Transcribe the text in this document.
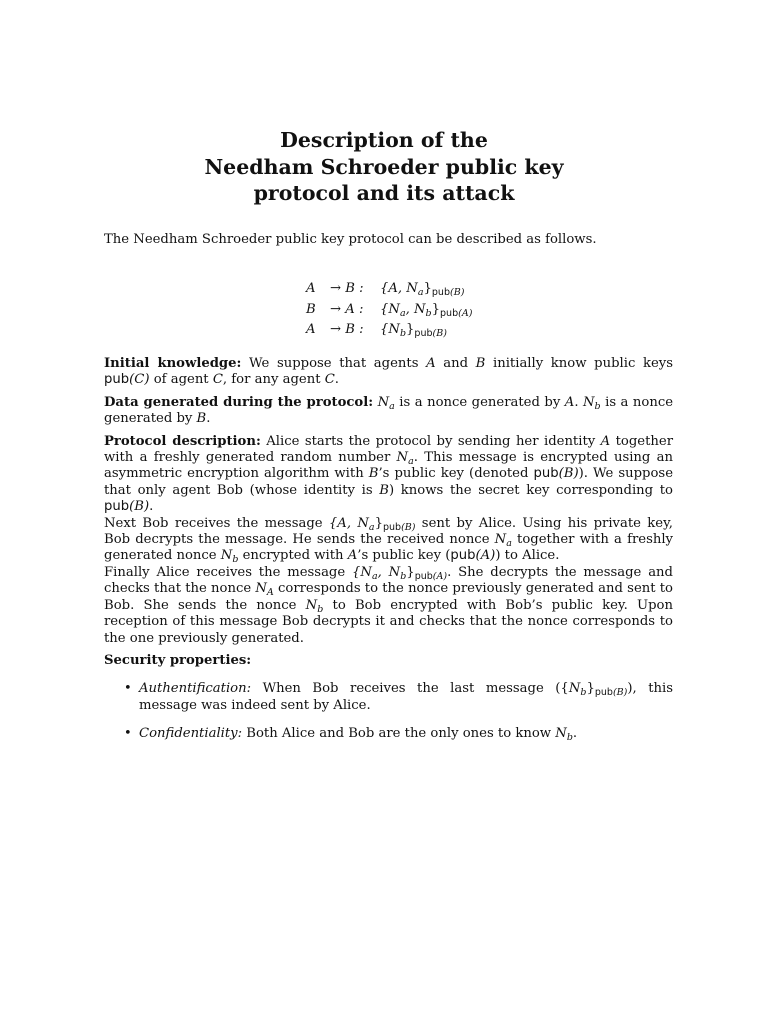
Description of the
Needham Schroeder public key
protocol and its attack
The Needham Schroeder public key protocol can be described as follows.
A	→ B :	{A, $N_a\}_{pub(B)}$
B	→ A :	{$N_a$, $N_b\}_{pub(A)}$
A	→ B :	$\{N_b\}_{pub(B)}$

Initial knowledge: We suppose that agents A and B initially know public keys pub(C) of agent C, for any agent C.

Data generated during the protocol: $N_a$ is a nonce generated by A. $N_b$ is a nonce generated by B.

Protocol description: Alice starts the protocol by sending her identity A together with a freshly generated random number $N_a$. This message is encrypted using an asymmetric encryption algorithm with B’s public key (denoted pub(B)). We suppose that only agent Bob (whose identity is B) knows the secret key corresponding to pub(B).

Next Bob receives the message {A, $N_a\}_{pub(B)}$ sent by Alice. Using his private key, Bob decrypts the message. He sends the received nonce $N_a$ together with a freshly generated nonce $N_b$ encrypted with A’s public key (pub(A)) to Alice.

Finally Alice receives the message {$N_a$, $N_b\}_{pub(A)}$. She decrypts the message and checks that the nonce $N_A$ corresponds to the nonce previously generated and sent to Bob. She sends the nonce $N_b$ to Bob encrypted with Bob’s public key. Upon reception of this message Bob decrypts it and checks that the nonce corresponds to the one previously generated.

Security properties:

• Authentification: When Bob receives the last message $(\{N_b\}_{pub(B)})$, this message was indeed sent by Alice.
• Confidentiality: Both Alice and Bob are the only ones to know $N_b$.
